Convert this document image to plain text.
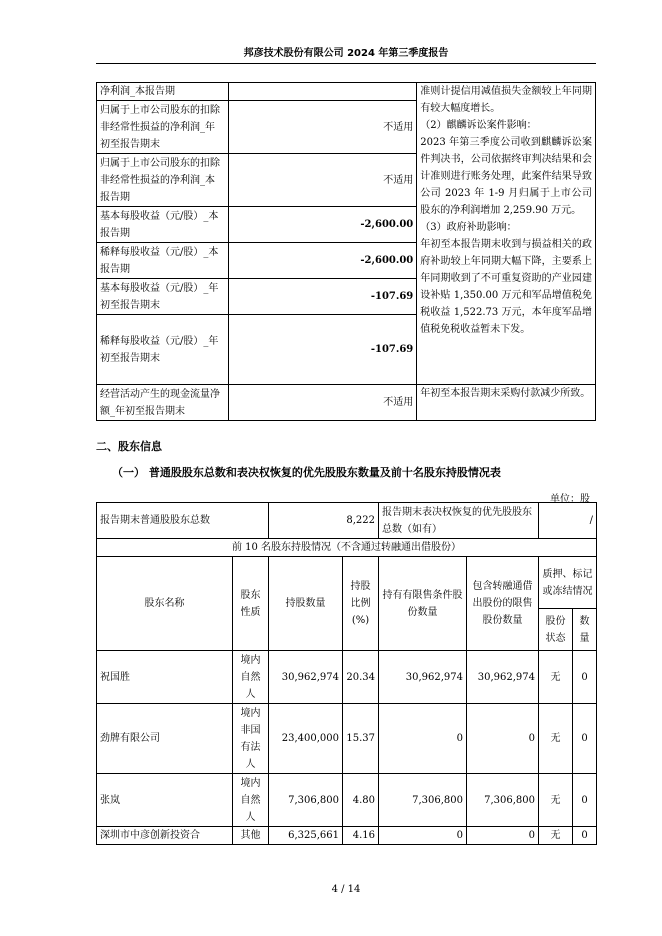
邦彦技术股份有限公司 2024 年第三季度报告
净利润_本报告期		准则计提信用减值损失金额较上年同期有较大幅度增长。
（2）麒麟诉讼案件影响：
2023 年第三季度公司收到麒麟诉讼案件判决书，公司依据终审判决结果和会计准则进行账务处理，此案件结果导致公司 2023 年 1-9 月归属于上市公司股东的净利润增加 2,259.90 万元。
（3）政府补助影响：
年初至本报告期末收到与损益相关的政府补助较上年同期大幅下降，主要系上年同期收到了不可重复资助的产业园建设补贴 1,350.00 万元和军品增值税免税收益 1,522.73 万元，本年度军品增值税免税收益暂未下发。

归属于上市公司股东的扣除非经常性损益的净利润_年初至报告期末	不适用	
归属于上市公司股东的扣除非经常性损益的净利润_本报告期	不适用	
基本每股收益（元/股）_本报告期	-2,600.00	
稀释每股收益（元/股）_本报告期	-2,600.00	
基本每股收益（元/股）_年初至报告期末	-107.69	
稀释每股收益（元/股）_年初至报告期末	-107.69	
经营活动产生的现金流量净额_年初至报告期末	不适用	年初至本报告期末采购付款减少所致。
二、股东信息
（一） 普通股股东总数和表决权恢复的优先股股东数量及前十名股东持股情况表
单位：股
报告期末普通股股东总数		8,222		报告期末表决权恢复的优先股股东总数（如有）		/	
前 10 名股东持股情况（不含通过转融通出借股份）							
股东名称	股东性质	持股数量	持股比例(%)	持有有限售条件股份数量	包含转融通借出股份的限售股份数量	质押、标记或冻结情况	
						股份状态	数量
祝国胜	境内自然人	30,962,974	20.34	30,962,974	30,962,974	无	0
劲牌有限公司	境内非国有法人	23,400,000	15.37	0	0	无	0
张岚	境内自然人	7,306,800	4.80	7,306,800	7,306,800	无	0
深圳市中彦创新投资合	其他	6,325,661	4.16	0	0	无	0
4 / 14
